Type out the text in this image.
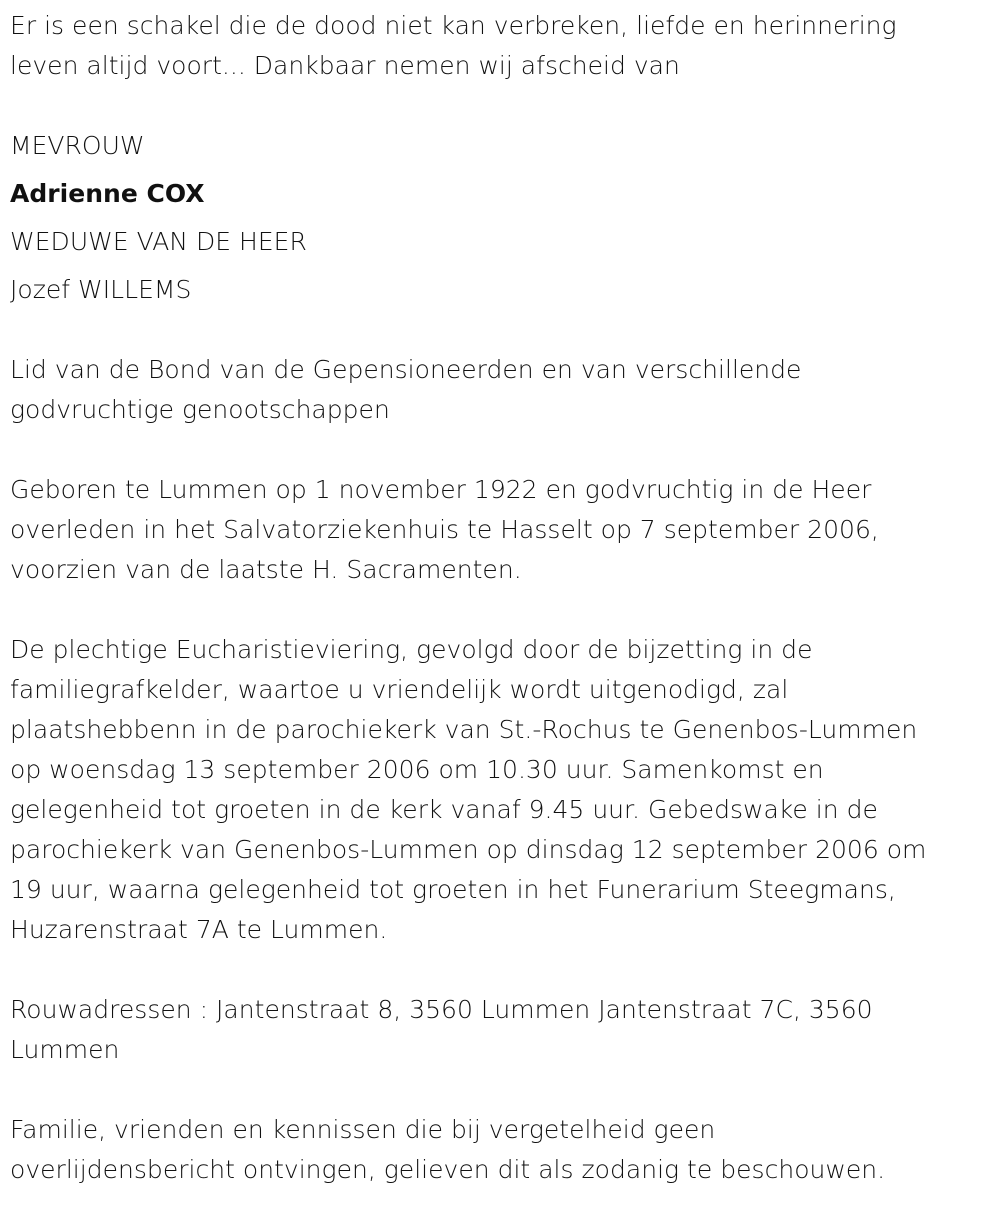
Er is een schakel die de dood niet kan verbreken, liefde en herinnering

leven altijd voort... Dankbaar nemen wij afscheid van

MEVROUW

Adrienne COX

WEDUWE VAN DE HEER

Jozef WILLEMS

Lid van de Bond van de Gepensioneerden en van verschillende

godvruchtige genootschappen

Geboren te Lummen op 1 november 1922 en godvruchtig in de Heer

overleden in het Salvatorziekenhuis te Hasselt op 7 september 2006,

voorzien van de laatste H. Sacramenten.

De plechtige Eucharistieviering, gevolgd door de bijzetting in de

familiegrafkelder, waartoe u vriendelijk wordt uitgenodigd, zal

plaatshebbenn in de parochiekerk van St.-Rochus te Genenbos-Lummen

op woensdag 13 september 2006 om 10.30 uur. Samenkomst en

gelegenheid tot groeten in de kerk vanaf 9.45 uur. Gebedswake in de

parochiekerk van Genenbos-Lummen op dinsdag 12 september 2006 om

19 uur, waarna gelegenheid tot groeten in het Funerarium Steegmans,

Huzarenstraat 7A te Lummen.

Rouwadressen : Jantenstraat 8, 3560 Lummen Jantenstraat 7C, 3560

Lummen

Familie, vrienden en kennissen die bij vergetelheid geen

overlijdensbericht ontvingen, gelieven dit als zodanig te beschouwen.
